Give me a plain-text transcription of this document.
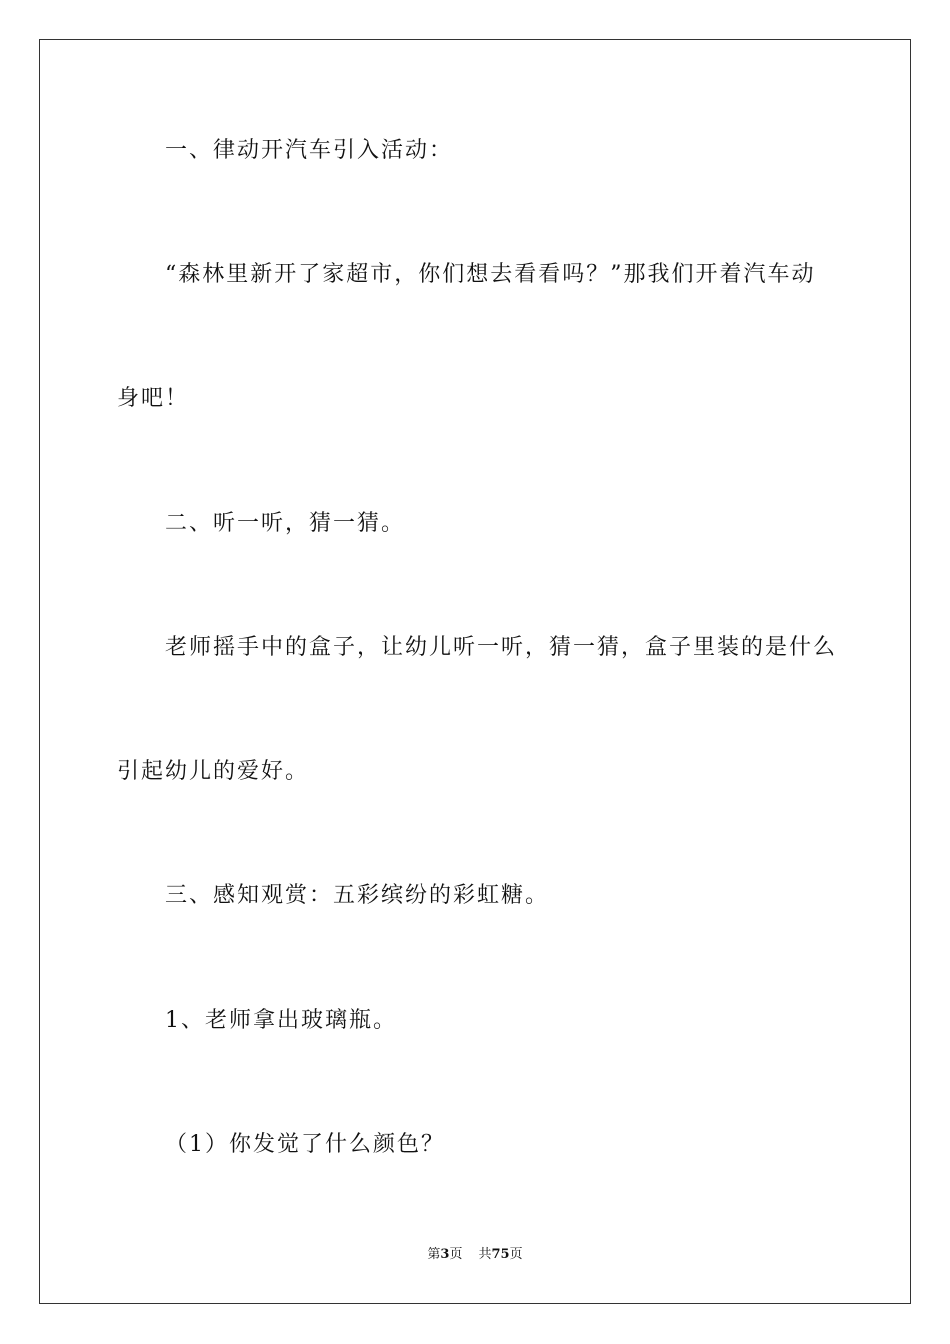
一、律动开汽车引入活动：
“森林里新开了家超市，你们想去看看吗？”那我们开着汽车动
身吧！
二、听一听，猜一猜。
老师摇手中的盒子，让幼儿听一听，猜一猜，盒子里装的是什么
引起幼儿的爱好。
三、感知观赏：五彩缤纷的彩虹糖。
1、老师拿出玻璃瓶。
（1）你发觉了什么颜色？
第3页 共75页
